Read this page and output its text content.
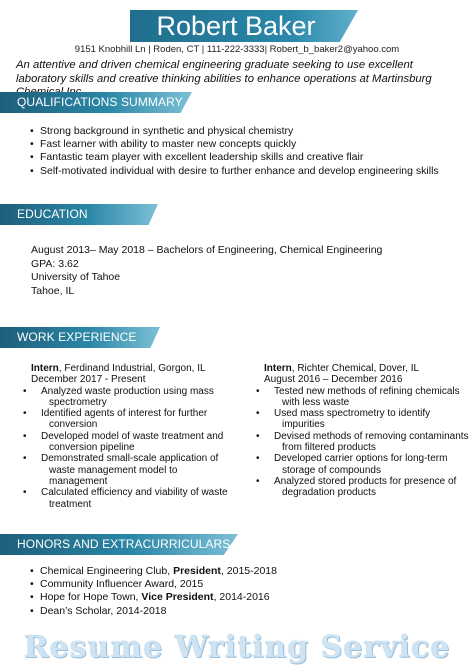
Robert Baker
9151 Knobhill Ln | Roden, CT | 111-222-3333| Robert_b_baker2@yahoo.com
An attentive and driven chemical engineering graduate seeking to use excellent laboratory skills and creative thinking abilities to enhance operations at Martinsburg
QUALIFICATIONS SUMMARY
• Strong background in synthetic and physical chemistry
• Fast learner with ability to master new concepts quickly
• Fantastic team player with excellent leadership skills and creative flair
• Self-motivated individual with desire to further enhance and develop engineering skills
EDUCATION
August 2013– May 2018 – Bachelors of Engineering, Chemical Engineering
GPA: 3.62
University of Tahoe
Tahoe, IL
WORK EXPERIENCE
Intern, Ferdinand Industrial, Gorgon, IL
December 2017 - Present
• Analyzed waste production using mass spectrometry
• Identified agents of interest for further conversion
• Developed model of waste treatment and conversion pipeline
• Demonstrated small-scale application of waste management model to management
• Calculated efficiency and viability of waste treatment
Intern, Richter Chemical, Dover, IL
August 2016 – December 2016
• Tested new methods of refining chemicals with less waste
• Used mass spectrometry to identify impurities
• Devised methods of removing contaminants from filtered products
• Developed carrier options for long-term storage of compounds
• Analyzed stored products for presence of degradation products
HONORS AND EXTRACURRICULARS
• Chemical Engineering Club, President, 2015-2018
• Community Influencer Award, 2015
• Hope for Hope Town, Vice President, 2014-2016
• Dean’s Scholar, 2014-2018
Resume Writing Service
